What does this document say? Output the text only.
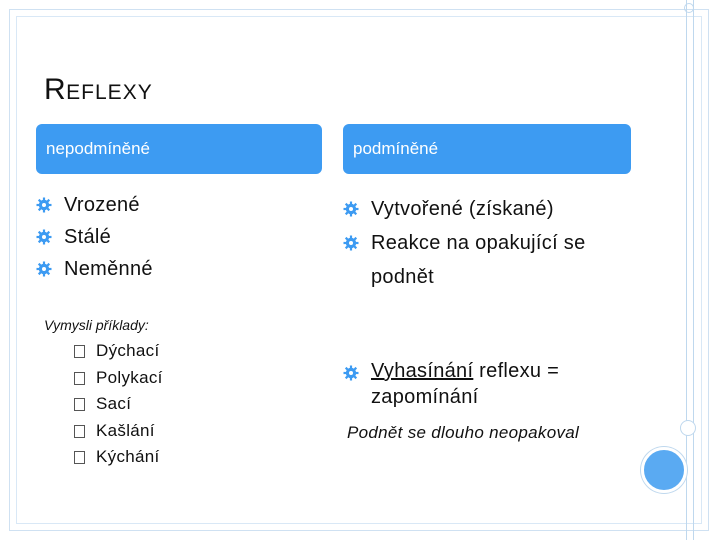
REFLEXY
nepodmíněné	podmíněné
Vrozené
Stálé
Neměnné
Vytvořené (získané)
Reakce na opakující se podnět
Vyhasínání reflexu = zapomínání
Podnět se dlouho neopakoval
Vymysli příklady:
Dýchací
Polykací
Sací
Kašlání
Kýchání
